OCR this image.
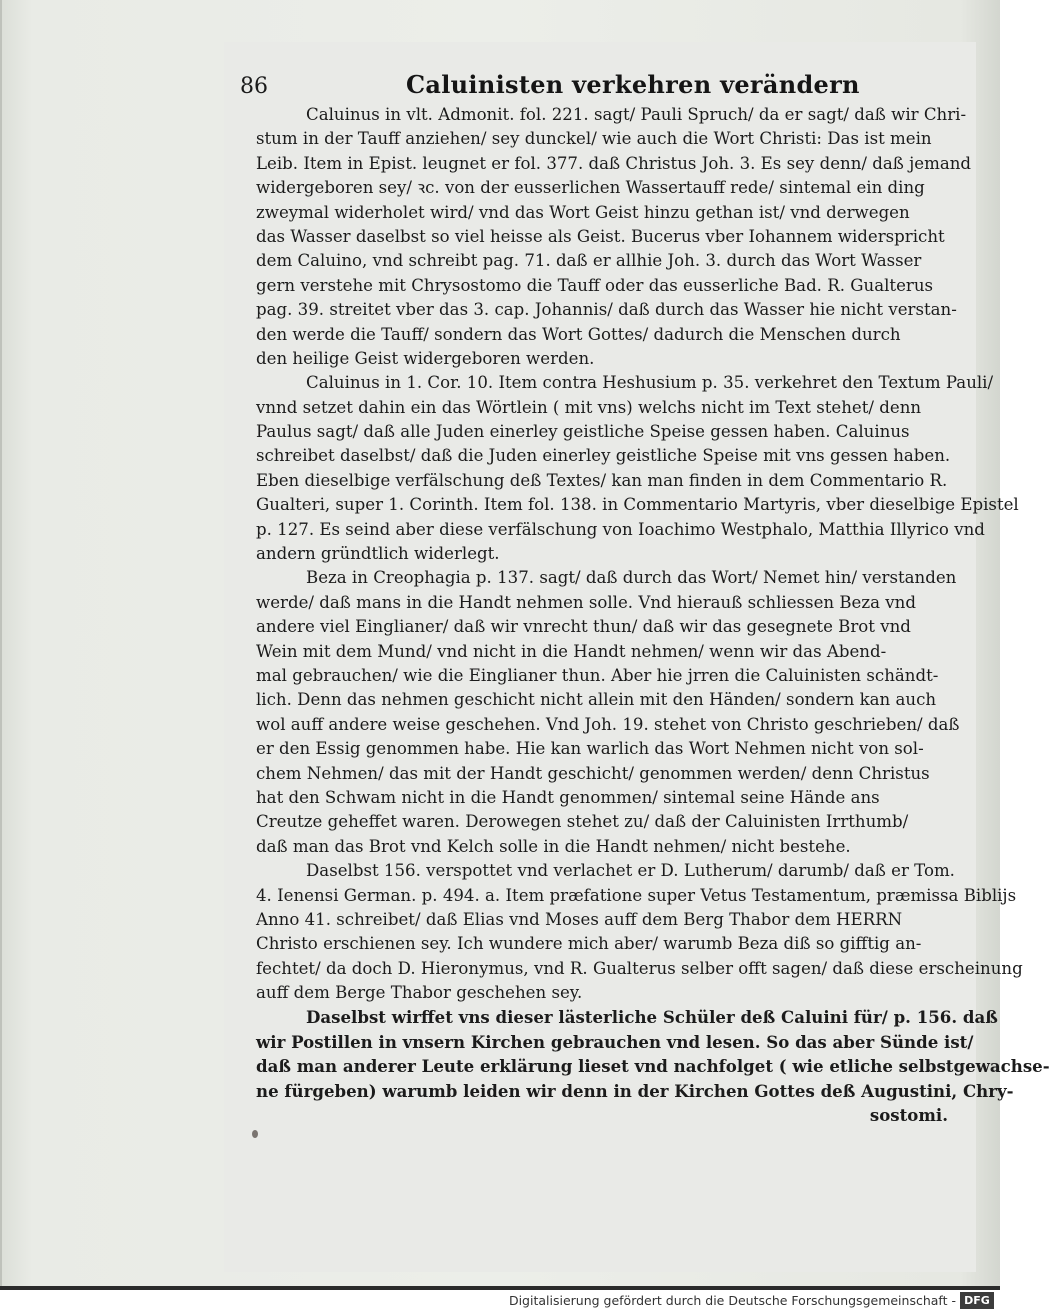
86	Caluinisten verkehren verändern
Caluinus in vlt. Admonit. fol. 221. sagt/ Pauli Spruch/ da er sagt/ daß wir Chri-
stum in der Tauff anziehen/ sey dunckel/ wie auch die Wort Christi: Das ist mein
Leib. Item in Epist. leugnet er fol. 377. daß Christus Joh. 3. Es sey denn/ daß jemand
widergeboren sey/ ꝛc. von der eusserlichen Wassertauff rede/ sintemal ein ding
zweymal widerholet wird/ vnd das Wort Geist hinzu gethan ist/ vnd derwegen
das Wasser daselbst so viel heisse als Geist. Bucerus vber Iohannem widerspricht
dem Caluino, vnd schreibt pag. 71. daß er allhie Joh. 3. durch das Wort Wasser
gern verstehe mit Chrysostomo die Tauff oder das eusserliche Bad. R. Gualterus
pag. 39. streitet vber das 3. cap. Johannis/ daß durch das Wasser hie nicht verstan-
den werde die Tauff/ sondern das Wort Gottes/ dadurch die Menschen durch
den heilige Geist widergeboren werden.
Caluinus in 1. Cor. 10. Item contra Heshusium p. 35. verkehret den Textum Pauli/
vnnd setzet dahin ein das Wörtlein ( mit vns) welchs nicht im Text stehet/ denn
Paulus sagt/ daß alle Juden einerley geistliche Speise gessen haben. Caluinus
schreibet daselbst/ daß die Juden einerley geistliche Speise mit vns gessen haben.
Eben dieselbige verfälschung deß Textes/ kan man finden in dem Commentario R.
Gualteri, super 1. Corinth. Item fol. 138. in Commentario Martyris, vber dieselbige Epistel
p. 127. Es seind aber diese verfälschung von Ioachimo Westphalo, Matthia Illyrico vnd
andern gründtlich widerlegt.
Beza in Creophagia p. 137. sagt/ daß durch das Wort/ Nemet hin/ verstanden
werde/ daß mans in die Handt nehmen solle. Vnd hierauß schliessen Beza vnd
andere viel Einglianer/ daß wir vnrecht thun/ daß wir das gesegnete Brot vnd
Wein mit dem Mund/ vnd nicht in die Handt nehmen/ wenn wir das Abend-
mal gebrauchen/ wie die Einglianer thun. Aber hie jrren die Caluinisten schändt-
lich. Denn das nehmen geschicht nicht allein mit den Händen/ sondern kan auch
wol auff andere weise geschehen. Vnd Joh. 19. stehet von Christo geschrieben/ daß
er den Essig genommen habe. Hie kan warlich das Wort Nehmen nicht von sol-
chem Nehmen/ das mit der Handt geschicht/ genommen werden/ denn Christus
hat den Schwam nicht in die Handt genommen/ sintemal seine Hände ans
Creutze geheffet waren. Derowegen stehet zu/ daß der Caluinisten Irrthumb/
daß man das Brot vnd Kelch solle in die Handt nehmen/ nicht bestehe.
Daselbst 156. verspottet vnd verlachet er D. Lutherum/ darumb/ daß er Tom.
4. Ienensi German. p. 494. a. Item præfatione super Vetus Testamentum, præmissa Biblijs
Anno 41. schreibet/ daß Elias vnd Moses auff dem Berg Thabor dem HERRN
Christo erschienen sey. Ich wundere mich aber/ warumb Beza diß so gifftig an-
fechtet/ da doch D. Hieronymus, vnd R. Gualterus selber offt sagen/ daß diese erscheinung
auff dem Berge Thabor geschehen sey.
Daselbst wirffet vns dieser lästerliche Schüler deß Caluini für/ p. 156. daß
wir Postillen in vnsern Kirchen gebrauchen vnd lesen. So das aber Sünde ist/
daß man anderer Leute erklärung lieset vnd nachfolget ( wie etliche selbstgewachse-
ne fürgeben) warumb leiden wir denn in der Kirchen Gottes deß Augustini, Chry-
sostomi.
Digitalisierung gefördert durch die Deutsche Forschungsgemeinschaft - DFG
